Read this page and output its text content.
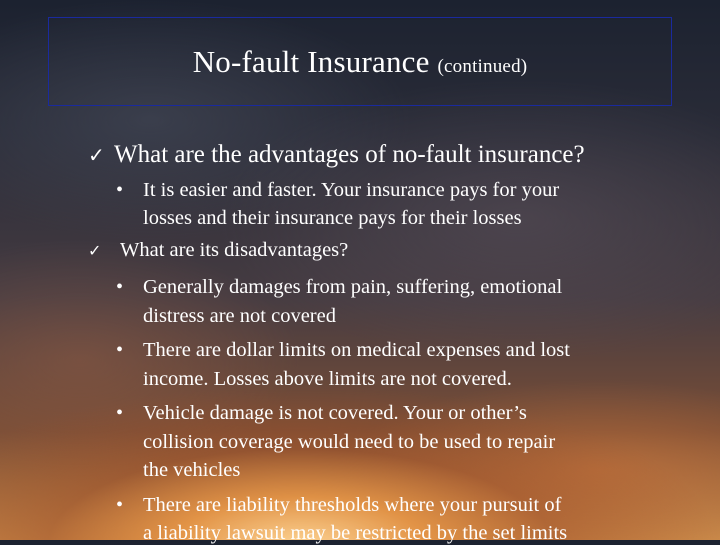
No-fault Insurance (continued)
✓ What are the advantages of no-fault insurance?
• It is easier and faster. Your insurance pays for your
losses and their insurance pays for their losses
✓ What are its disadvantages?
• Generally damages from pain, suffering, emotional
distress are not covered
• There are dollar limits on medical expenses and lost
income. Losses above limits are not covered.
• Vehicle damage is not covered. Your or other’s
collision coverage would need to be used to repair
the vehicles
• There are liability thresholds where your pursuit of
a liability lawsuit may be restricted by the set limits
